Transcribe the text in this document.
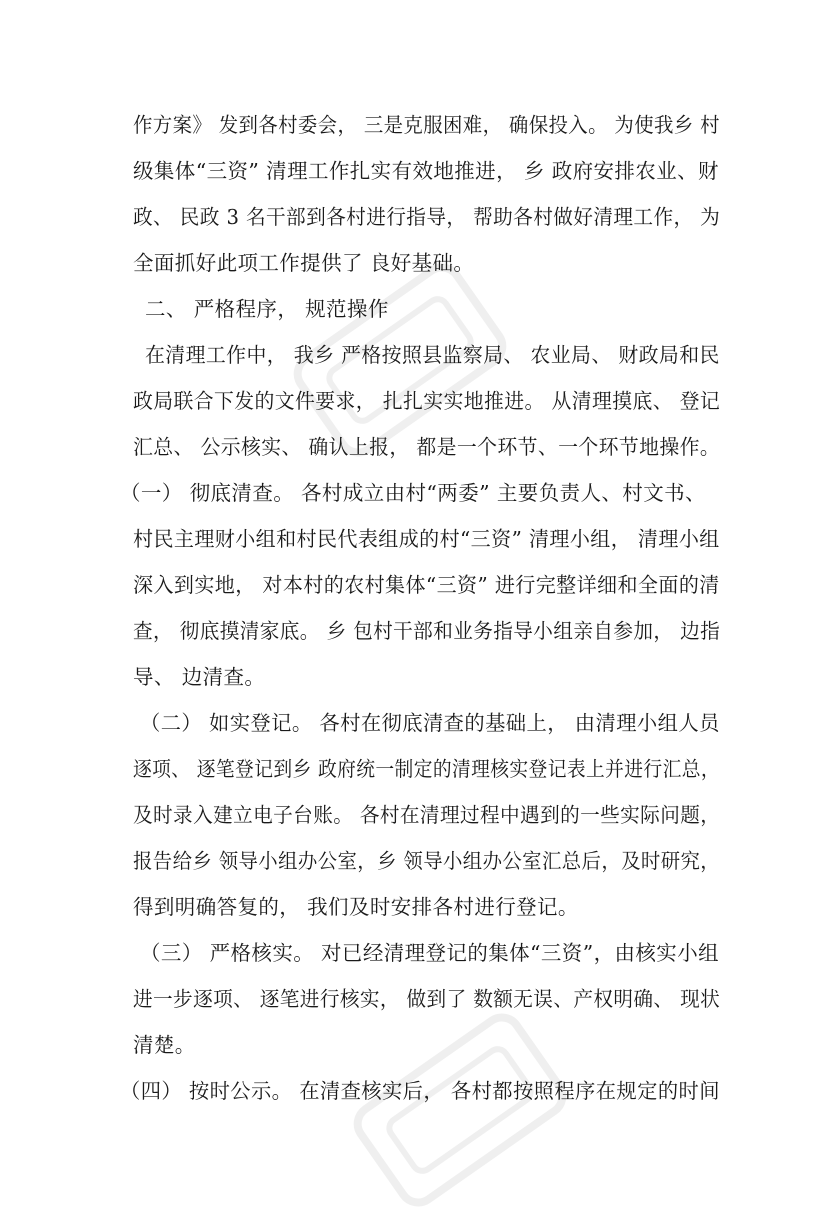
作方案》 发到各村委会， 三是克服困难， 确保投入。 为使我乡 村
级集体“三资” 清理工作扎实有效地推进， 乡 政府安排农业、财
政、 民政 3 名干部到各村进行指导， 帮助各村做好清理工作， 为
全面抓好此项工作提供了 良好基础。
二、 严格程序， 规范操作
在清理工作中， 我乡 严格按照县监察局、 农业局、 财政局和民
政局联合下发的文件要求， 扎扎实实地推进。 从清理摸底、 登记
汇总、 公示核实、 确认上报， 都是一个环节、一个环节地操作。
（一） 彻底清查。 各村成立由村“两委” 主要负责人、村文书、
村民主理财小组和村民代表组成的村“三资” 清理小组， 清理小组
深入到实地， 对本村的农村集体“三资” 进行完整详细和全面的清
查， 彻底摸清家底。 乡 包村干部和业务指导小组亲自参加， 边指
导、 边清查。
（二） 如实登记。 各村在彻底清查的基础上， 由清理小组人员
逐项、 逐笔登记到乡 政府统一制定的清理核实登记表上并进行汇总，
及时录入建立电子台账。 各村在清理过程中遇到的一些实际问题，
报告给乡 领导小组办公室，乡 领导小组办公室汇总后，及时研究，
得到明确答复的， 我们及时安排各村进行登记。
（三） 严格核实。 对已经清理登记的集体“三资”，由核实小组
进一步逐项、 逐笔进行核实， 做到了 数额无误、产权明确、 现状
清楚。
（四） 按时公示。 在清查核实后， 各村都按照程序在规定的时间
